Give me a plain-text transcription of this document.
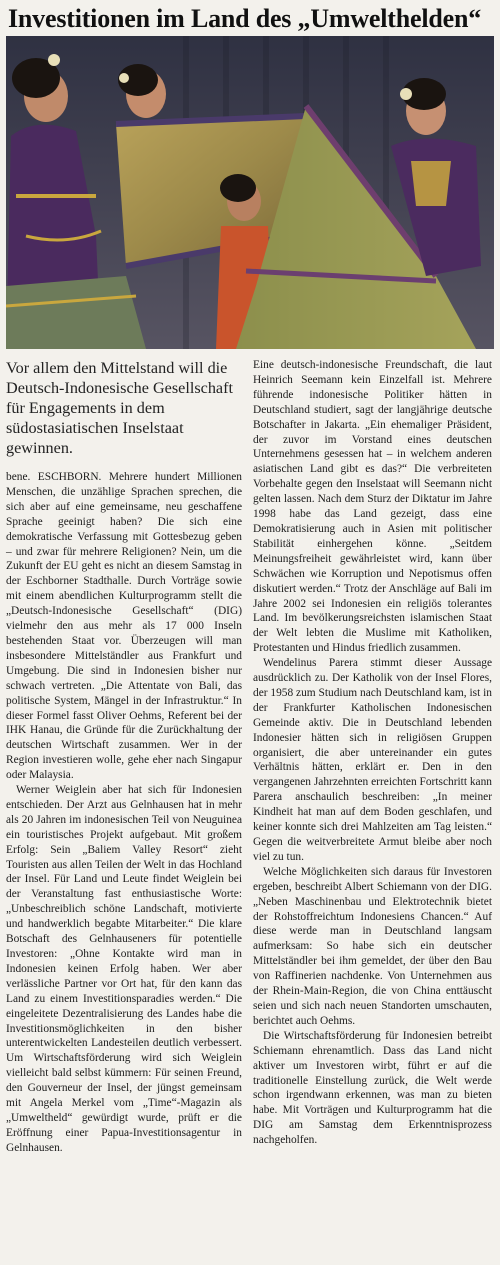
Investitionen im Land des „Umwelthelden“
Vor allem den Mittelstand will die Deutsch-Indonesische Gesellschaft für Engagements in dem südostasiatischen Inselstaat gewinnen.

bene. ESCHBORN. Mehrere hundert Millionen Menschen, die unzählige Sprachen sprechen, die sich aber auf eine gemeinsame, neu geschaffene Sprache geeinigt haben? Die sich eine demokratische Verfassung mit Gottesbezug geben – und zwar für mehrere Religionen? Nein, um die Zukunft der EU geht es nicht an diesem Samstag in der Eschborner Stadthalle. Durch Vorträge sowie mit einem abendlichen Kulturprogramm stellt die „Deutsch-Indonesische Gesellschaft“ (DIG) vielmehr den aus mehr als 17 000 Inseln bestehenden Staat vor. Überzeugen will man insbesondere Mittelständler aus Frankfurt und Umgebung. Die sind in Indonesien bisher nur schwach vertreten. „Die Attentate von Bali, das politische System, Mängel in der Infrastruktur.“ In dieser Formel fasst Oliver Oehms, Referent bei der IHK Hanau, die Gründe für die Zurückhaltung der deutschen Wirtschaft zusammen. Wer in der Region investieren wolle, gehe eher nach Singapur oder Malaysia.

Werner Weiglein aber hat sich für Indonesien entschieden. Der Arzt aus Gelnhausen hat in mehr als 20 Jahren im indonesischen Teil von Neuguinea ein touristisches Projekt aufgebaut. Mit großem Erfolg: Sein „Baliem Valley Resort“ zieht Touristen aus allen Teilen der Welt in das Hochland der Insel. Für Land und Leute findet Weiglein bei der Veranstaltung fast enthusiastische Worte: „Unbeschreiblich schöne Landschaft, motivierte und handwerklich begabte Mitarbeiter.“ Die klare Botschaft des Gelnhauseners für potentielle Investoren: „Ohne Kontakte wird man in Indonesien keinen Erfolg haben. Wer aber verlässliche Partner vor Ort hat, für den kann das Land zu einem Investitionsparadies werden.“ Die eingeleitete Dezentralisierung des Landes habe die Investitionsmöglichkeiten in den bisher unterentwickelten Landesteilen deutlich verbessert. Um Wirtschaftsförderung wird sich Weiglein vielleicht bald selbst kümmern: Für seinen Freund, den Gouverneur der Insel, der jüngst gemeinsam mit Angela Merkel vom „Time“-Magazin als „Umweltheld“ gewürdigt wurde, prüft er die Eröffnung einer Papua-Investitionsagentur in Gelnhausen.

Eine deutsch-indonesische Freundschaft, die laut Heinrich Seemann kein Einzelfall ist. Mehrere führende indonesische Politiker hätten in Deutschland studiert, sagt der langjährige deutsche Botschafter in Jakarta. „Ein ehemaliger Präsident, der zuvor im Vorstand eines deutschen Unternehmens gesessen hat – in welchem anderen asiatischen Land gibt es das?“ Die verbreiteten Vorbehalte gegen den Inselstaat will Seemann nicht gelten lassen. Nach dem Sturz der Diktatur im Jahre 1998 habe das Land gezeigt, dass eine Demokratisierung auch in Asien mit politischer Stabilität einhergehen könne. „Seitdem Meinungsfreiheit gewährleistet wird, kann über Schwächen wie Korruption und Nepotismus offen diskutiert werden.“ Trotz der Anschläge auf Bali im Jahre 2002 sei Indonesien ein religiös tolerantes Land. Im bevölkerungsreichsten islamischen Staat der Welt lebten die Muslime mit Katholiken, Protestanten und Hindus friedlich zusammen.

Wendelinus Parera stimmt dieser Aussage ausdrücklich zu. Der Katholik von der Insel Flores, der 1958 zum Studium nach Deutschland kam, ist in der Frankfurter Katholischen Indonesischen Gemeinde aktiv. Die in Deutschland lebenden Indonesier hätten sich in religiösen Gruppen organisiert, die aber untereinander ein gutes Verhältnis hätten, erklärt er. Den in den vergangenen Jahrzehnten erreichten Fortschritt kann Parera anschaulich beschreiben: „In meiner Kindheit hat man auf dem Boden geschlafen, und keiner konnte sich drei Mahlzeiten am Tag leisten.“ Gegen die weitverbreitete Armut bleibe aber noch viel zu tun.

Welche Möglichkeiten sich daraus für Investoren ergeben, beschreibt Albert Schiemann von der DIG. „Neben Maschinenbau und Elektrotechnik bietet der Rohstoffreichtum Indonesiens Chancen.“ Auf diese werde man in Deutschland langsam aufmerksam: So habe sich ein deutscher Mittelständler bei ihm gemeldet, der über den Bau von Raffinerien nachdenke. Von Unternehmen aus der Rhein-Main-Region, die von China enttäuscht seien und sich nach neuen Standorten umschauten, berichtet auch Oehms.

Die Wirtschaftsförderung für Indonesien betreibt Schiemann ehrenamtlich. Dass das Land nicht aktiver um Investoren wirbt, führt er auf die traditionelle Einstellung zurück, die Welt werde schon irgendwann erkennen, was man zu bieten habe. Mit Vorträgen und Kulturprogramm hat die DIG am Samstag dem Erkenntnisprozess nachgeholfen.
